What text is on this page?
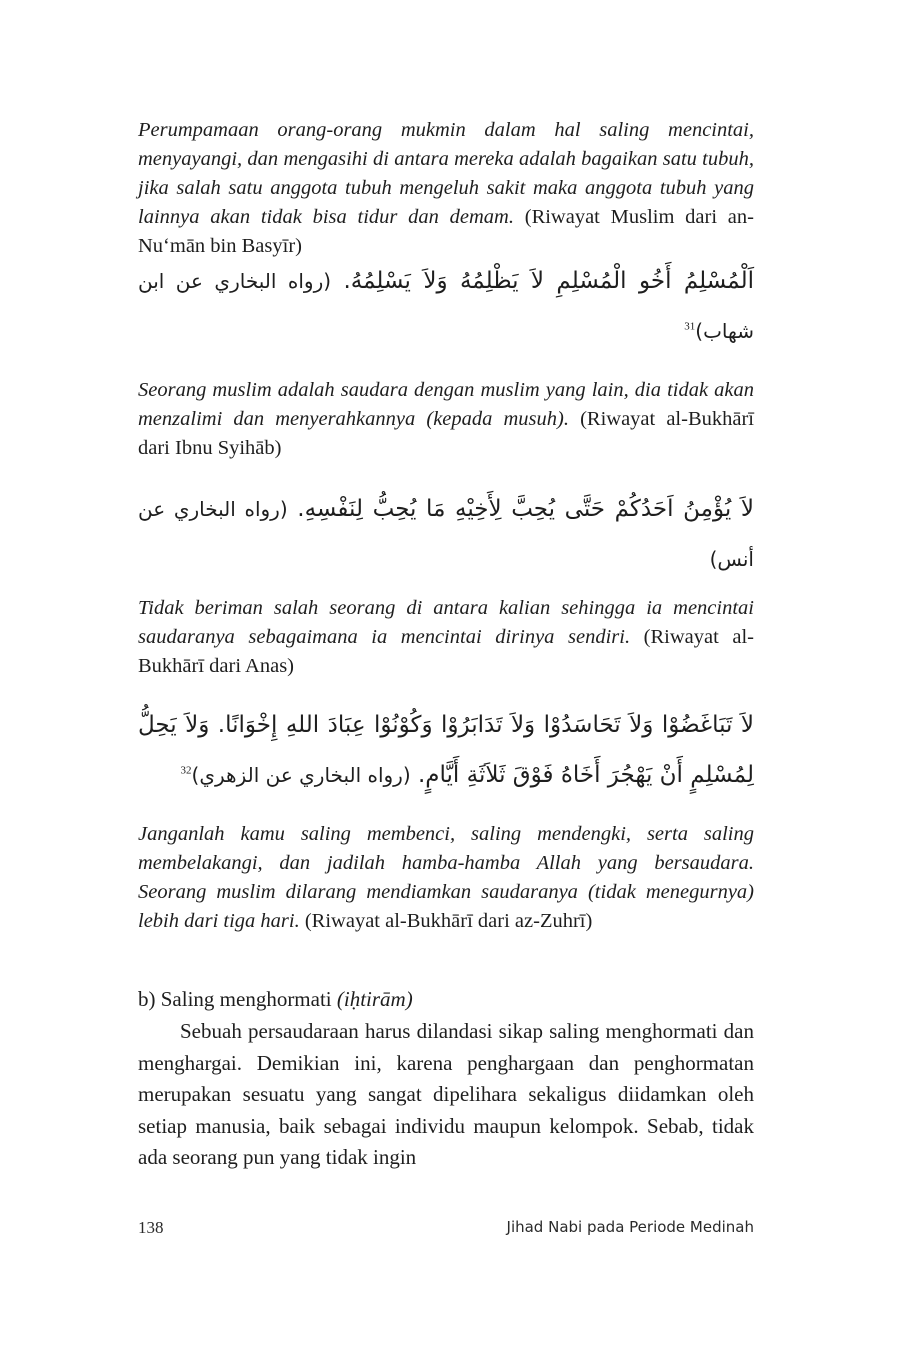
Perumpamaan orang-orang mukmin dalam hal saling mencintai, menyayangi, dan mengasihi di antara mereka adalah bagaikan satu tubuh, jika salah satu anggota tubuh mengeluh sakit maka anggota tubuh yang lainnya akan tidak bisa tidur dan demam. (Riwayat Muslim dari an-Nu‘mān bin Basyīr)

اَلْمُسْلِمُ أَخُو الْمُسْلِمِ لاَ يَظْلِمُهُ وَلاَ يَسْلِمُهُ. (رواه البخاري عن ابن شهاب)$^{31}$

Seorang muslim adalah saudara dengan muslim yang lain, dia tidak akan menzalimi dan menyerahkannya (kepada musuh). (Riwayat al-Bukhārī dari Ibnu Syihāb)

لاَ يُؤْمِنُ اَحَدُكُمْ حَتَّى يُحِبَّ لِأَخِيْهِ مَا يُحِبُّ لِنَفْسِهِ. (رواه البخاري عن أنس)

Tidak beriman salah seorang di antara kalian sehingga ia mencintai saudaranya sebagaimana ia mencintai dirinya sendiri. (Riwayat al-Bukhārī dari Anas)

لاَ تَبَاغَضُوْا وَلاَ تَحَاسَدُوْا وَلاَ تَدَابَرُوْا وَكُوْنُوْا عِبَادَ اللهِ إِخْوَانًا. وَلاَ يَحِلُّ لِمُسْلِمٍ أَنْ يَهْجُرَ أَخَاهُ فَوْقَ ثَلاَثَةِ أَيَّامٍ. (رواه البخاري عن الزهري)$^{32}$

Janganlah kamu saling membenci, saling mendengki, serta saling membelakangi, dan jadilah hamba-hamba Allah yang bersaudara. Seorang muslim dilarang mendiamkan saudaranya (tidak menegurnya) lebih dari tiga hari. (Riwayat al-Bukhārī dari az-Zuhrī)

b) Saling menghormati (iḥtirām)

Sebuah persaudaraan harus dilandasi sikap saling menghormati dan menghargai. Demikian ini, karena penghargaan dan penghormatan merupakan sesuatu yang sangat dipelihara sekaligus diidamkan oleh setiap manusia, baik sebagai individu maupun kelompok. Sebab, tidak ada seorang pun yang tidak ingin

138	Jihad Nabi pada Periode Medinah
